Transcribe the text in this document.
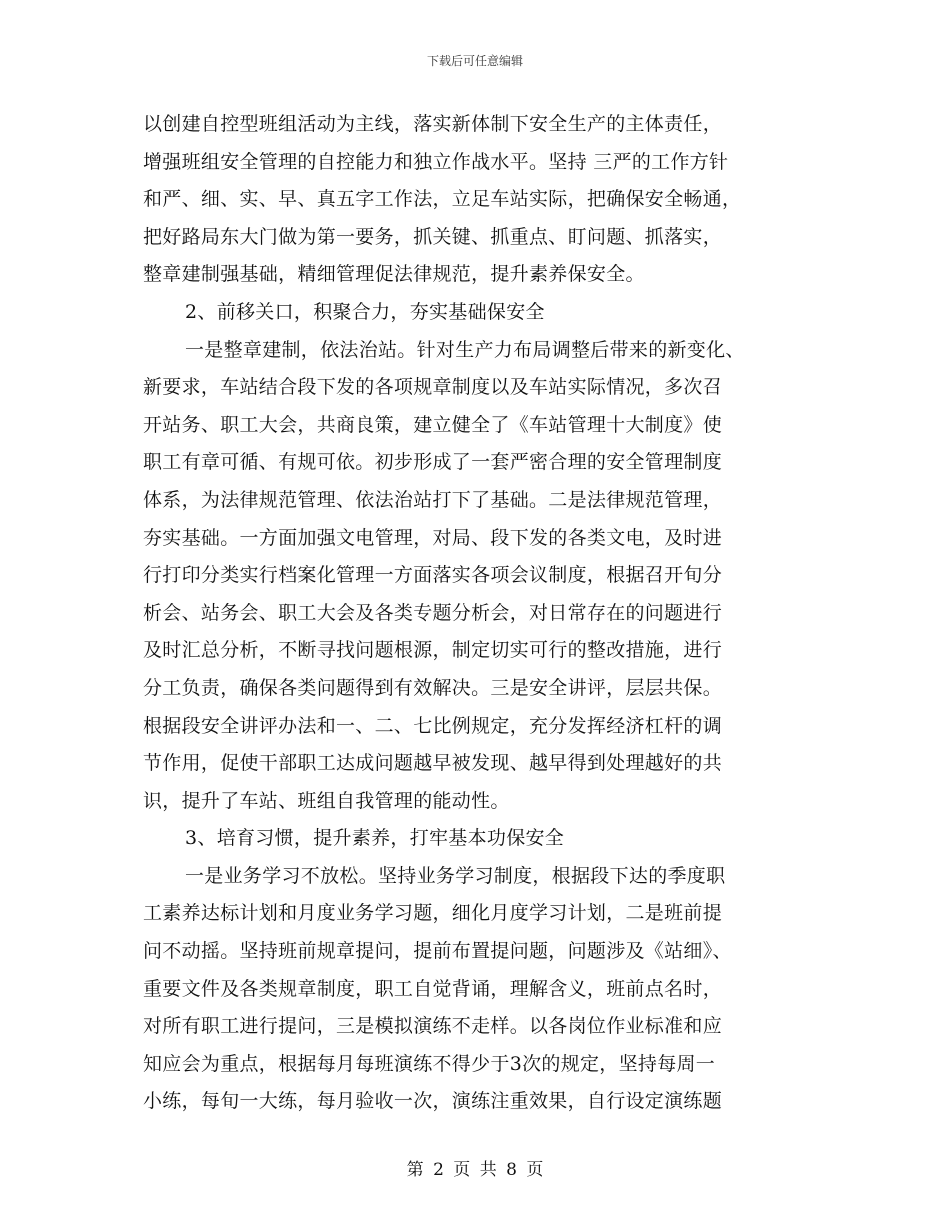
下载后可任意编辑
以创建自控型班组活动为主线，落实新体制下安全生产的主体责任，
增强班组安全管理的自控能力和独立作战水平。坚持 三严的工作方针
和严、细、实、早、真五字工作法，立足车站实际，把确保安全畅通，
把好路局东大门做为第一要务，抓关键、抓重点、盯问题、抓落实，
整章建制强基础，精细管理促法律规范，提升素养保安全。
2、前移关口，积聚合力，夯实基础保安全
一是整章建制，依法治站。针对生产力布局调整后带来的新变化、
新要求，车站结合段下发的各项规章制度以及车站实际情况，多次召
开站务、职工大会，共商良策，建立健全了《车站管理十大制度》使
职工有章可循、有规可依。初步形成了一套严密合理的安全管理制度
体系，为法律规范管理、依法治站打下了基础。二是法律规范管理，
夯实基础。一方面加强文电管理，对局、段下发的各类文电，及时进
行打印分类实行档案化管理一方面落实各项会议制度，根据召开旬分
析会、站务会、职工大会及各类专题分析会，对日常存在的问题进行
及时汇总分析，不断寻找问题根源，制定切实可行的整改措施，进行
分工负责，确保各类问题得到有效解决。三是安全讲评，层层共保。
根据段安全讲评办法和一、二、七比例规定，充分发挥经济杠杆的调
节作用，促使干部职工达成问题越早被发现、越早得到处理越好的共
识，提升了车站、班组自我管理的能动性。
3、培育习惯，提升素养，打牢基本功保安全
一是业务学习不放松。坚持业务学习制度，根据段下达的季度职
工素养达标计划和月度业务学习题，细化月度学习计划，二是班前提
问不动摇。坚持班前规章提问，提前布置提问题，问题涉及《站细》、
重要文件及各类规章制度，职工自觉背诵，理解含义，班前点名时，
对所有职工进行提问，三是模拟演练不走样。以各岗位作业标准和应
知应会为重点，根据每月每班演练不得少于3次的规定，坚持每周一
小练，每旬一大练，每月验收一次，演练注重效果，自行设定演练题
第 2 页 共 8 页
